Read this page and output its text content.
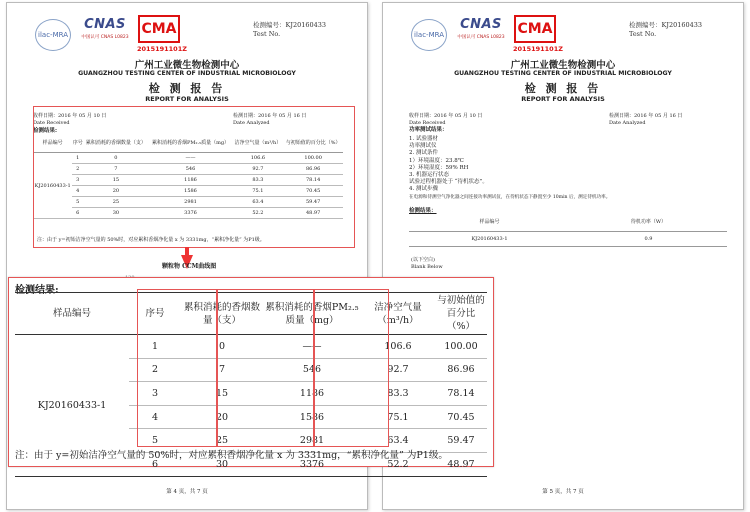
ilac-MRA
CNAS
中国认可 CNAS L0823
CMA
2015191101Z
检测编号：KJ20160433
Test No.
广州工业微生物检测中心
GUANGZHOU TESTING CENTER OF INDUSTRIAL MICROBIOLOGY
检 测 报 告
REPORT FOR ANALYSIS
收样日期：2016 年 05 月 10 日
Date Received
检测日期：2016 年 05 月 16 日
Date Analyzed
检测结果:
样品编号	序号	累积消耗的香烟数量（支）	累积消耗的香烟PM₂.₅质量（mg）	洁净空气量（m³/h）	与初始值的百分比（%）
KJ20160433-1	1	0	——	106.6	100.00
	2	7	546	92.7	86.96
	3	15	1186	83.3	78.14
	4	20	1586	75.1	70.45
	5	25	2981	63.4	59.47
	6	30	3376	52.2	48.97
注：由于 y=初始洁净空气量的 50%时，对应累积香烟净化量 x 为 3331mg，“累积净化量” 为P1级。
颗粒物 CCM曲线图
第 4 页，共 7 页
ilac-MRA
CNAS
中国认可 CNAS L0823
CMA
2015191101Z
检测编号：KJ20160433
Test No.
广州工业微生物检测中心
GUANGZHOU TESTING CENTER OF INDUSTRIAL MICROBIOLOGY
检 测 报 告
REPORT FOR ANALYSIS
收样日期：2016 年 05 月 10 日
Date Received
检测日期：2016 年 05 月 16 日
Date Analyzed
功率测试结果：
1. 试验器材
功率测试仪
2. 测试条件
1）环境温度：23.8℃
2）环境湿度：59% RH
3. 机器运行状态
试验过程机器处于 “待机状态”。
4. 测试步骤
在电源和待测空气净化器之间连接功率测试仪，在待机状态下静置至少 10min 后，测定待机功率。
检测结果：
样品编号	待机功率（W）
KJ20160433-1	0.9
(以下空白)
Blank Below
第 5 页，共 7 页
检测结果:
样品编号	序号	累积消耗的香烟数量（支）	累积消耗的香烟PM₂.₅质量（mg）	洁净空气量（m³/h）	与初始值的百分比（%）
KJ20160433-1	1	0	——	106.6	100.00
	2	7	546	92.7	86.96
	3	15	1186	83.3	78.14
	4	20	1586	75.1	70.45
	5	25	2981	63.4	59.47
	6	30	3376	52.2	48.97
注：由于 y=初始洁净空气量的 50%时，对应累积香烟净化量 x 为 3331mg，“累积净化量” 为P1级。
